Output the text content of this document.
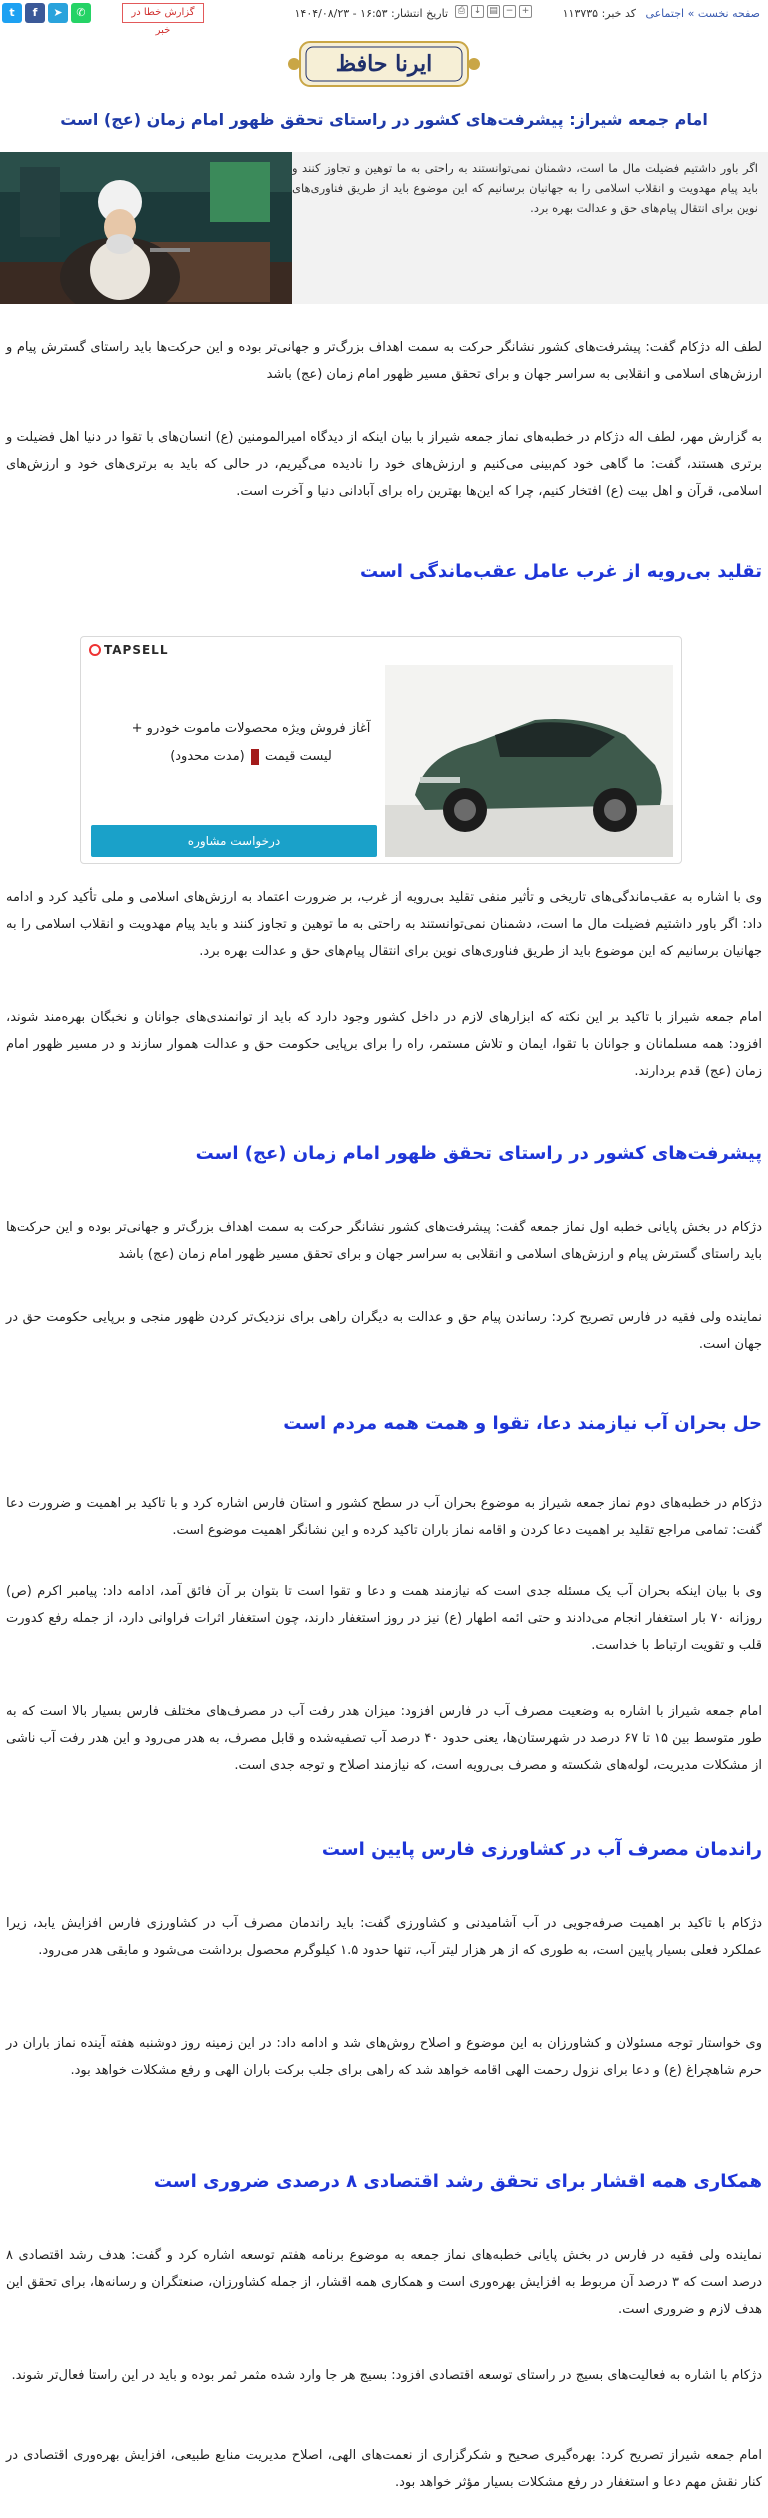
صفحه نخست » اجتماعی
کد خبر: ۱۱۳۷۳۵
⎙ ↓ ▤ − +
تاریخ انتشار: ۱۶:۵۳ - ۱۴۰۴/۰۸/۲۳
گزارش خطا در خبر
t	f	➤	✆
ایرنا حافظ
امام جمعه شیراز: پیشرفت‌های کشور در راستای تحقق ظهور امام زمان (عج) است

اگر باور داشتیم فضیلت مال ما است، دشمنان نمی‌توانستند به راحتی به ما توهین و تجاوز کنند و باید پیام مهدویت و انقلاب اسلامی را به جهانیان برسانیم که این موضوع باید از طریق فناوری‌های نوین برای انتقال پیام‌های حق و عدالت بهره برد.

لطف اله دژکام گفت: پیشرفت‌های کشور نشانگر حرکت به سمت اهداف بزرگ‌تر و جهانی‌تر بوده و این حرکت‌ها باید راستای گسترش پیام و ارزش‌های اسلامی و انقلابی به سراسر جهان و برای تحقق مسیر ظهور امام زمان (عج) باشد

به گزارش مهر، لطف اله دژکام در خطبه‌های نماز جمعه شیراز با بیان اینکه از دیدگاه امیرالمومنین (ع) انسان‌های با تقوا در دنیا اهل فضیلت و برتری هستند، گفت: ما گاهی خود کم‌بینی می‌کنیم و ارزش‌های خود را نادیده می‌گیریم، در حالی که باید به برتری‌های خود و ارزش‌های اسلامی، قرآن و اهل بیت (ع) افتخار کنیم، چرا که این‌ها بهترین راه برای آبادانی دنیا و آخرت است.

تقلید بی‌رویه از غرب عامل عقب‌ماندگی است
TAPSELL
آغاز فروش ویژه محصولات ماموت خودرو +
لیست قیمت  (مدت محدود)
درخواست مشاوره

وی با اشاره به عقب‌ماندگی‌های تاریخی و تأثیر منفی تقلید بی‌رویه از غرب، بر ضرورت اعتماد به ارزش‌های اسلامی و ملی تأکید کرد و ادامه داد: اگر باور داشتیم فضیلت مال ما است، دشمنان نمی‌توانستند به راحتی به ما توهین و تجاوز کنند و باید پیام مهدویت و انقلاب اسلامی را به جهانیان برسانیم که این موضوع باید از طریق فناوری‌های نوین برای انتقال پیام‌های حق و عدالت بهره برد.

امام جمعه شیراز با تاکید بر این نکته که ابزارهای لازم در داخل کشور وجود دارد که باید از توانمندی‌های جوانان و نخبگان بهره‌مند شوند، افزود: همه مسلمانان و جوانان با تقوا، ایمان و تلاش مستمر، راه را برای برپایی حکومت حق و عدالت هموار سازند و در مسیر ظهور امام زمان (عج) قدم بردارند.

پیشرفت‌های کشور در راستای تحقق ظهور امام زمان (عج) است

دژکام در بخش پایانی خطبه اول نماز جمعه گفت: پیشرفت‌های کشور نشانگر حرکت به سمت اهداف بزرگ‌تر و جهانی‌تر بوده و این حرکت‌ها باید راستای گسترش پیام و ارزش‌های اسلامی و انقلابی به سراسر جهان و برای تحقق مسیر ظهور امام زمان (عج) باشد

نماینده ولی فقیه در فارس تصریح کرد: رساندن پیام حق و عدالت به دیگران راهی برای نزدیک‌تر کردن ظهور منجی و برپایی حکومت حق در جهان است.

حل بحران آب نیازمند دعا، تقوا و همت همه مردم است

دژکام در خطبه‌های دوم نماز جمعه شیراز به موضوع بحران آب در سطح کشور و استان فارس اشاره کرد و با تاکید بر اهمیت و ضرورت دعا گفت: تمامی مراجع تقلید بر اهمیت دعا کردن و اقامه نماز باران تاکید کرده و این نشانگر اهمیت موضوع است.

وی با بیان اینکه بحران آب یک مسئله جدی است که نیازمند همت و دعا و تقوا است تا بتوان بر آن فائق آمد، ادامه داد: پیامبر اکرم (ص) روزانه ۷۰ بار استغفار انجام می‌دادند و حتی ائمه اطهار (ع) نیز در روز استغفار دارند، چون استغفار اثرات فراوانی دارد، از جمله رفع کدورت قلب و تقویت ارتباط با خداست.

امام جمعه شیراز با اشاره به وضعیت مصرف آب در فارس افزود: میزان هدر رفت آب در مصرف‌های مختلف فارس بسیار بالا است که به طور متوسط بین ۱۵ تا ۶۷ درصد در شهرستان‌ها، یعنی حدود ۴۰ درصد آب تصفیه‌شده و قابل مصرف، به هدر می‌رود و این هدر رفت آب ناشی از مشکلات مدیریت، لوله‌های شکسته و مصرف بی‌رویه است، که نیازمند اصلاح و توجه جدی است.

راندمان مصرف آب در کشاورزی فارس پایین است

دژکام با تاکید بر اهمیت صرفه‌جویی در آب آشامیدنی و کشاورزی گفت: باید راندمان مصرف آب در کشاورزی فارس افزایش یابد، زیرا عملکرد فعلی بسیار پایین است، به طوری که از هر هزار لیتر آب، تنها حدود ۱.۵ کیلوگرم محصول برداشت می‌شود و مابقی هدر می‌رود.

وی خواستار توجه مسئولان و کشاورزان به این موضوع و اصلاح روش‌های شد و ادامه داد: در این زمینه روز دوشنبه هفته آینده نماز باران در حرم شاهچراغ (ع) و دعا برای نزول رحمت الهی اقامه خواهد شد که راهی برای جلب برکت باران الهی و رفع مشکلات خواهد بود.

همکاری همه اقشار برای تحقق رشد اقتصادی ۸ درصدی ضروری است

نماینده ولی فقیه در فارس در بخش پایانی خطبه‌های نماز جمعه به موضوع برنامه هفتم توسعه اشاره کرد و گفت: هدف رشد اقتصادی ۸ درصد است که ۳ درصد آن مربوط به افزایش بهره‌وری است و همکاری همه اقشار، از جمله کشاورزان، صنعتگران و رسانه‌ها، برای تحقق این هدف لازم و ضروری است.

دژکام با اشاره به فعالیت‌های بسیج در راستای توسعه اقتصادی افزود: بسیج هر جا وارد شده مثمر ثمر بوده و باید در این راستا فعال‌تر شوند.

امام جمعه شیراز تصریح کرد: بهره‌گیری صحیح و شکرگزاری از نعمت‌های الهی، اصلاح مدیریت منابع طبیعی، افزایش بهره‌وری اقتصادی در کنار نقش مهم دعا و استغفار در رفع مشکلات بسیار مؤثر خواهد بود.
